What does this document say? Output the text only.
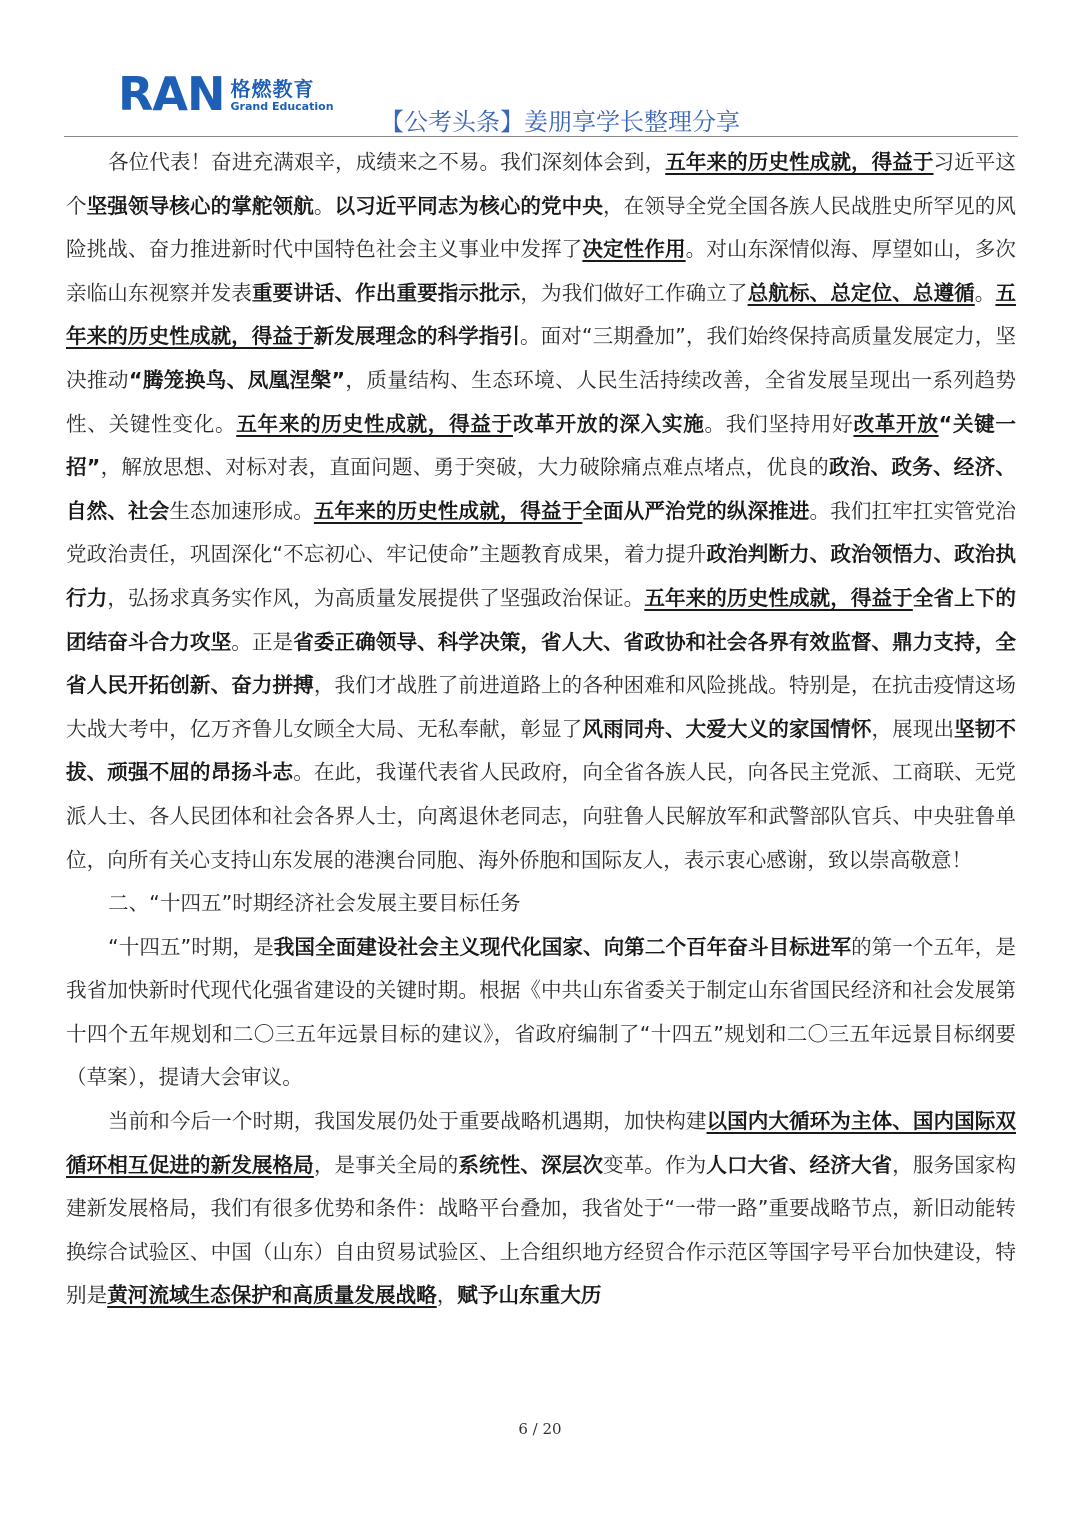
RAN 格燃教育
Grand Education
【公考头条】姜朋享学长整理分享

各位代表！奋进充满艰辛，成绩来之不易。我们深刻体会到，五年来的历史性成就，得益于习近平这个坚强领导核心的掌舵领航。以习近平同志为核心的党中央，在领导全党全国各族人民战胜史所罕见的风险挑战、奋力推进新时代中国特色社会主义事业中发挥了决定性作用。对山东深情似海、厚望如山，多次亲临山东视察并发表重要讲话、作出重要指示批示，为我们做好工作确立了总航标、总定位、总遵循。五年来的历史性成就，得益于新发展理念的科学指引。面对“三期叠加”，我们始终保持高质量发展定力，坚决推动“腾笼换鸟、凤凰涅槃”，质量结构、生态环境、人民生活持续改善，全省发展呈现出一系列趋势性、关键性变化。五年来的历史性成就，得益于改革开放的深入实施。我们坚持用好改革开放“关键一招”，解放思想、对标对表，直面问题、勇于突破，大力破除痛点难点堵点，优良的政治、政务、经济、自然、社会生态加速形成。五年来的历史性成就，得益于全面从严治党的纵深推进。我们扛牢扛实管党治党政治责任，巩固深化“不忘初心、牢记使命”主题教育成果，着力提升政治判断力、政治领悟力、政治执行力，弘扬求真务实作风，为高质量发展提供了坚强政治保证。五年来的历史性成就，得益于全省上下的团结奋斗合力攻坚。正是省委正确领导、科学决策，省人大、省政协和社会各界有效监督、鼎力支持，全省人民开拓创新、奋力拼搏，我们才战胜了前进道路上的各种困难和风险挑战。特别是，在抗击疫情这场大战大考中，亿万齐鲁儿女顾全大局、无私奉献，彰显了风雨同舟、大爱大义的家国情怀，展现出坚韧不拔、顽强不屈的昂扬斗志。在此，我谨代表省人民政府，向全省各族人民，向各民主党派、工商联、无党派人士、各人民团体和社会各界人士，向离退休老同志，向驻鲁人民解放军和武警部队官兵、中央驻鲁单位，向所有关心支持山东发展的港澳台同胞、海外侨胞和国际友人，表示衷心感谢，致以崇高敬意！

二、“十四五”时期经济社会发展主要目标任务

“十四五”时期，是我国全面建设社会主义现代化国家、向第二个百年奋斗目标进军的第一个五年，是我省加快新时代现代化强省建设的关键时期。根据《中共山东省委关于制定山东省国民经济和社会发展第十四个五年规划和二〇三五年远景目标的建议》，省政府编制了“十四五”规划和二〇三五年远景目标纲要（草案），提请大会审议。

当前和今后一个时期，我国发展仍处于重要战略机遇期，加快构建以国内大循环为主体、国内国际双循环相互促进的新发展格局，是事关全局的系统性、深层次变革。作为人口大省、经济大省，服务国家构建新发展格局，我们有很多优势和条件：战略平台叠加，我省处于“一带一路”重要战略节点，新旧动能转换综合试验区、中国（山东）自由贸易试验区、上合组织地方经贸合作示范区等国字号平台加快建设，特别是黄河流域生态保护和高质量发展战略，赋予山东重大历

6 / 20
